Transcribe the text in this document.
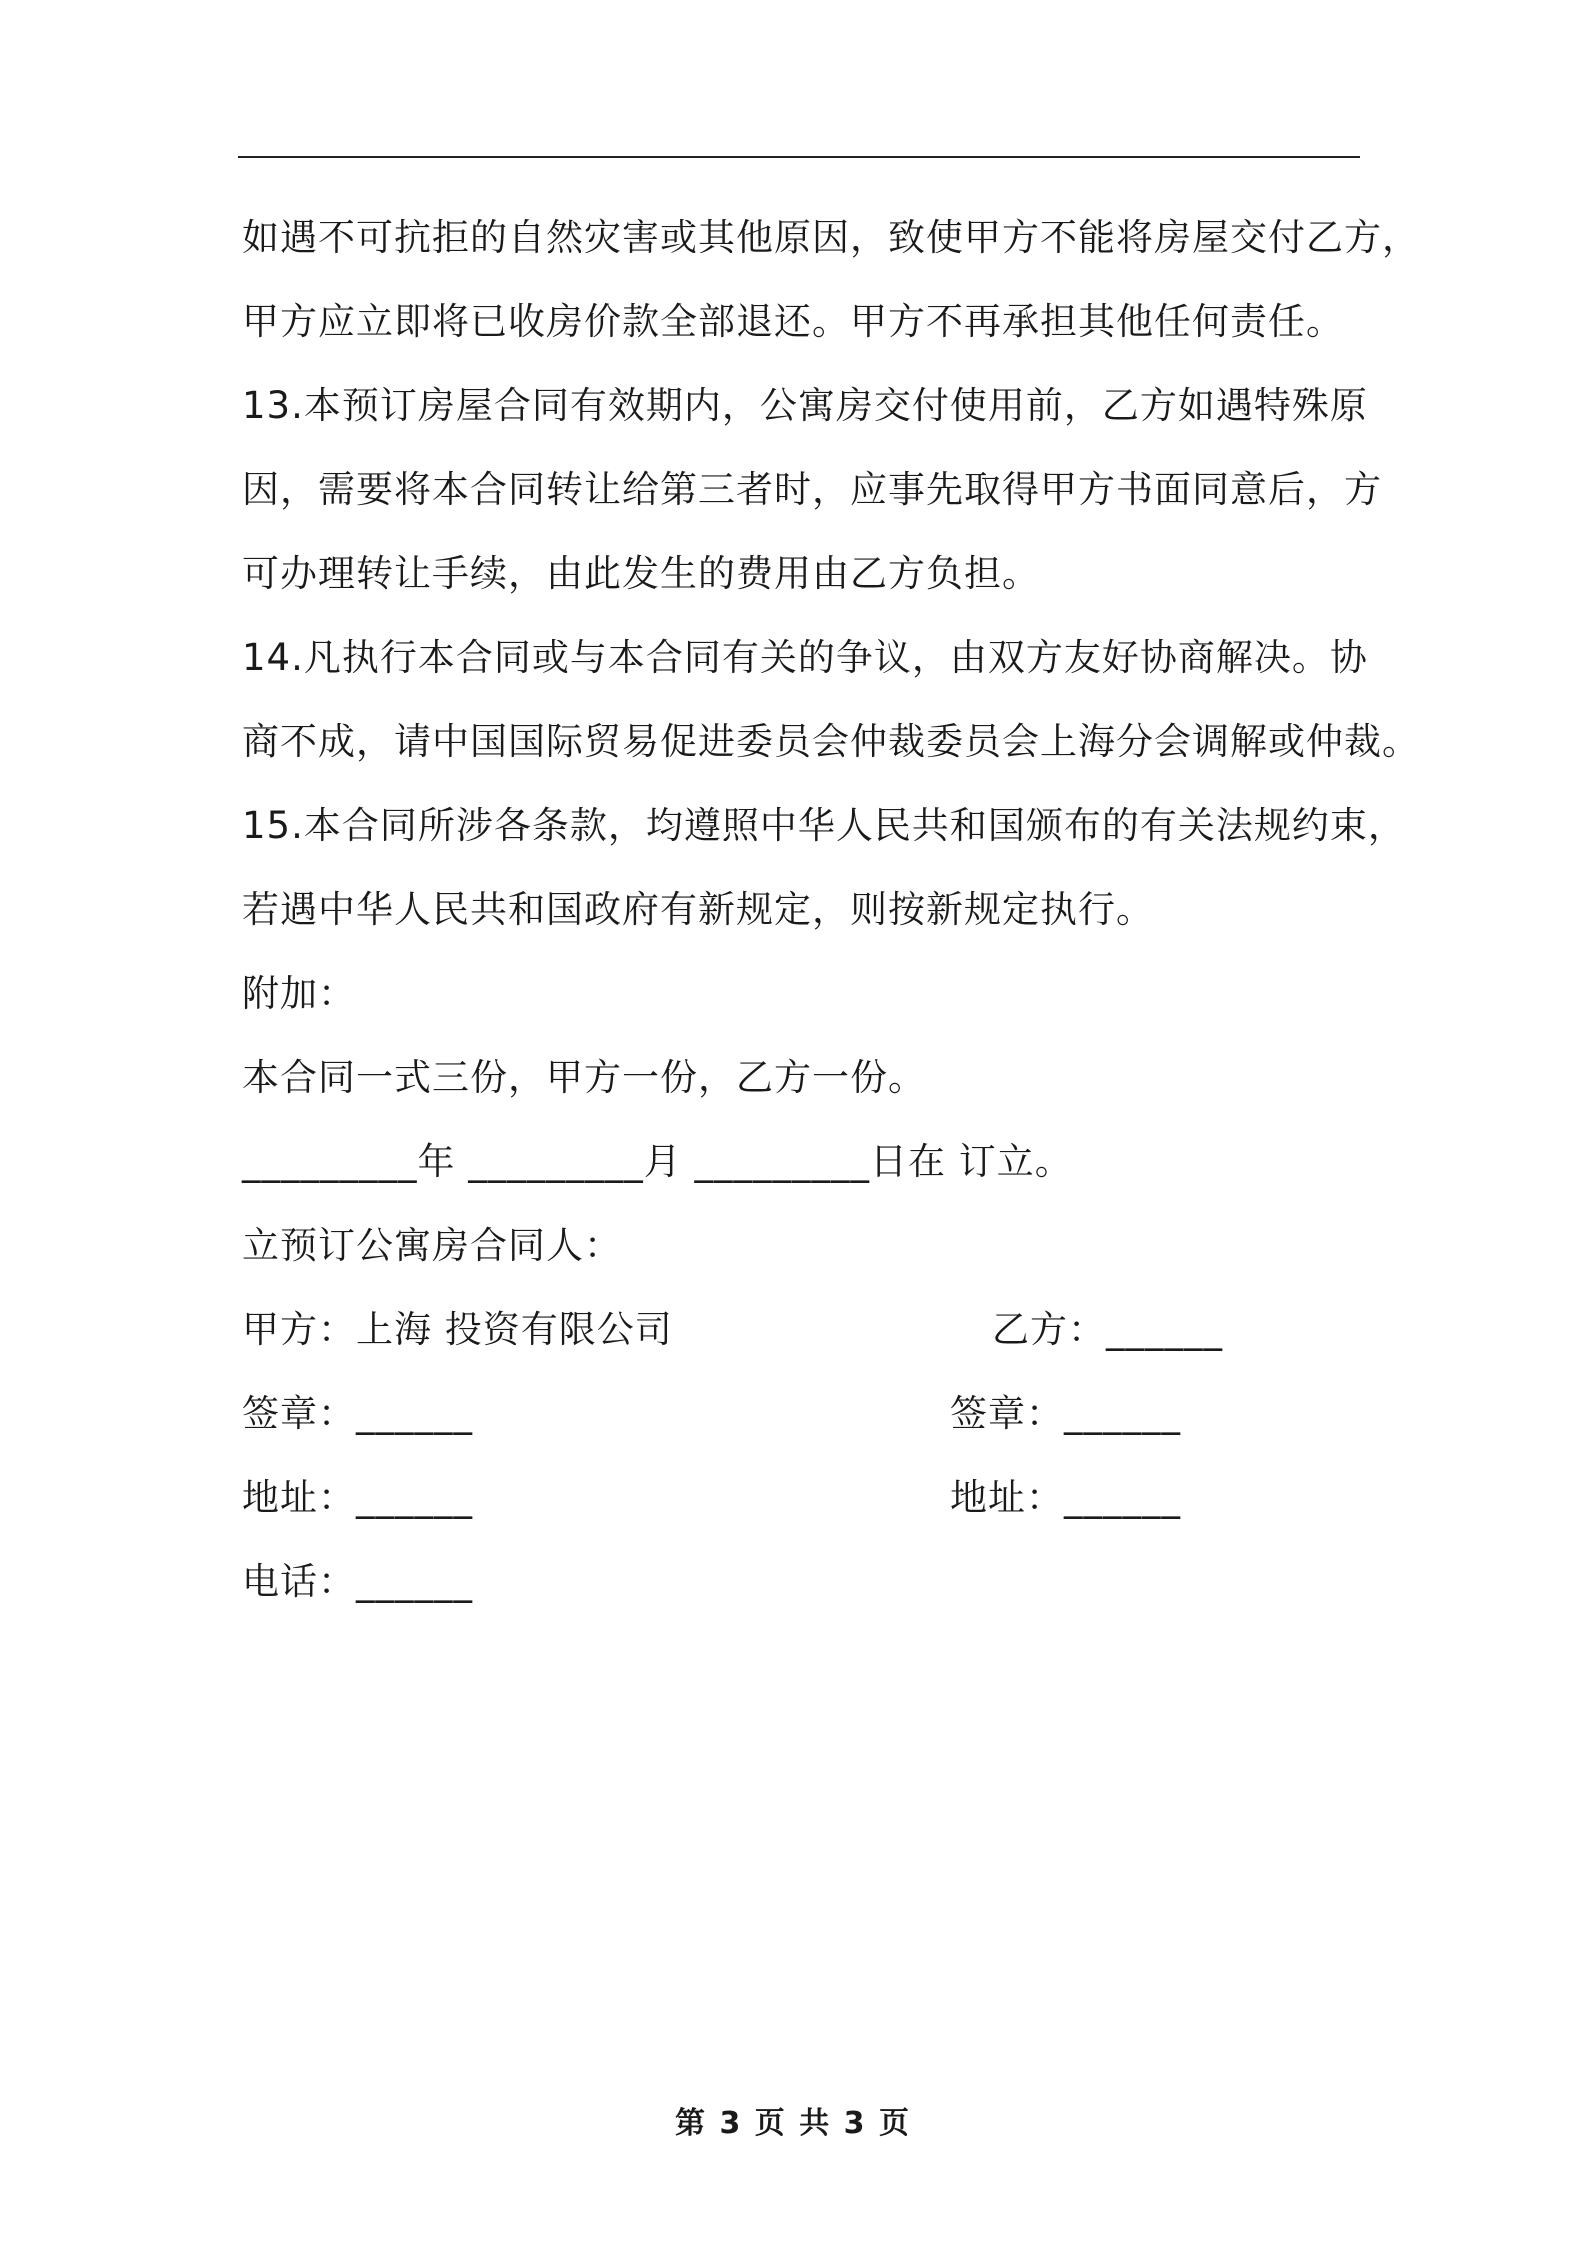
如遇不可抗拒的自然灾害或其他原因，致使甲方不能将房屋交付乙方，
甲方应立即将已收房价款全部退还。甲方不再承担其他任何责任。
13.本预订房屋合同有效期内，公寓房交付使用前，乙方如遇特殊原
因，需要将本合同转让给第三者时，应事先取得甲方书面同意后，方
可办理转让手续，由此发生的费用由乙方负担。
14.凡执行本合同或与本合同有关的争议，由双方友好协商解决。协
商不成，请中国国际贸易促进委员会仲裁委员会上海分会调解或仲裁。
15.本合同所涉各条款，均遵照中华人民共和国颁布的有关法规约束，
若遇中华人民共和国政府有新规定，则按新规定执行。
附加：
本合同一式三份，甲方一份，乙方一份。
_________年 _________月 _________日在 订立。
立预订公寓房合同人：
甲方：上海 投资有限公司	乙方：______
签章：______	签章：______
地址：______	地址：______
电话：______
第 3 页 共 3 页
